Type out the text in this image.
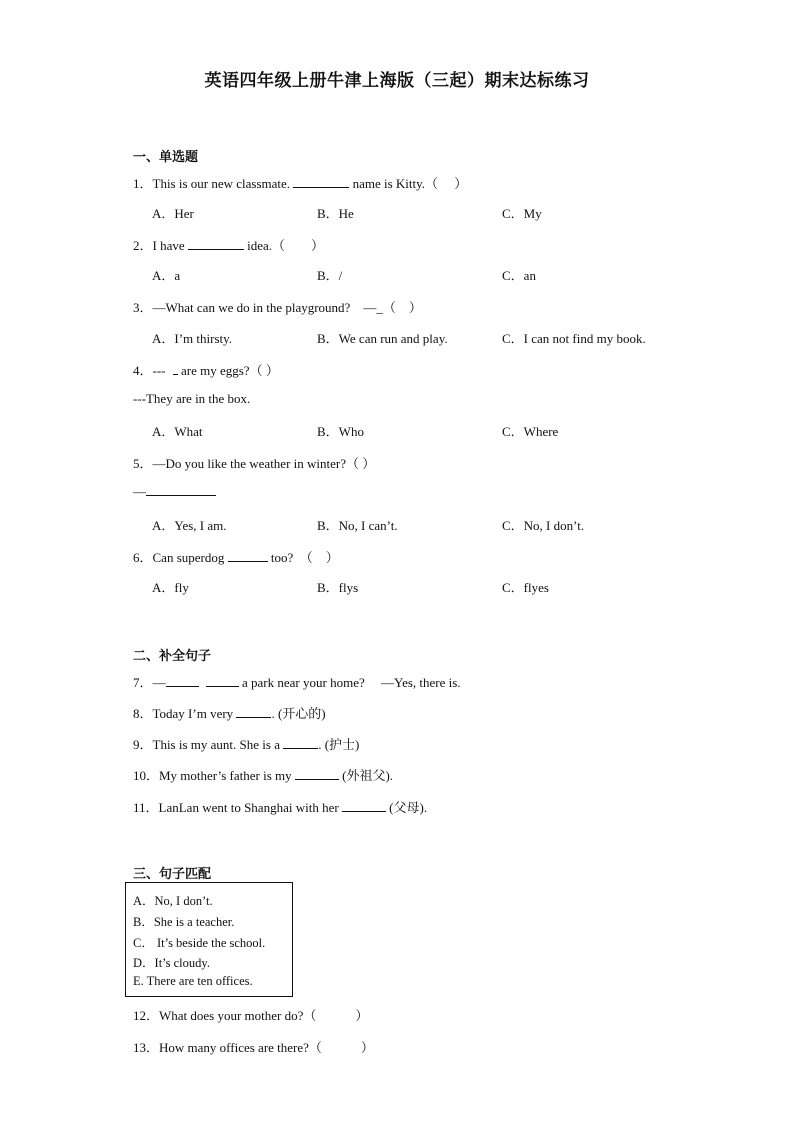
英语四年级上册牛津上海版（三起）期末达标练习
一、单选题
1．This is our new classmate.	name is Kitty.（　 ）
A．Her	B．He	C．My
2．I have	idea.（　　）
A．a	B．/	C．an
3．—What can we do in the playground?　—_（　）
A．I’m thirsty.	B．We can run and play.	C．I can not find my book.
4．--- are my eggs?（ ）
---They are in the box.
A．What	B．Who	C．Where
5．—Do you like the weather in winter?（ ）
—
A．Yes, I am.	B．No, I can’t.	C．No, I don’t.
6．Can superdog	too?　（　）
A．fly	B．flys	C．flyes
二、补全句子
7．—	a park near your home?　 —Yes, there is.
8．Today I’m very	. (开心的)
9．This is my aunt. She is a	. (护士)
10．My mother’s father is my	(外祖父).
11．LanLan went to Shanghai with her	(父母).
三、句子匹配
A．No, I don’t.
B．She is a teacher.
C． It’s beside the school.
D．It’s cloudy.
E. There are ten offices.
12．What does your mother do?（　　　）
13．How many offices are there?（　　　）
